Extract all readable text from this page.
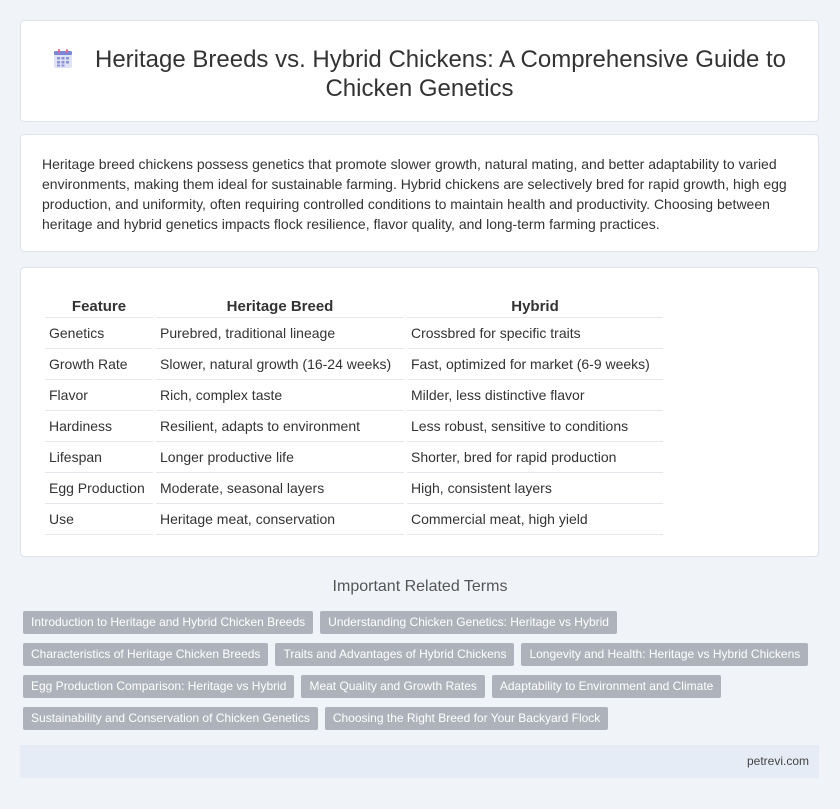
Heritage Breeds vs. Hybrid Chickens: A Comprehensive Guide to Chicken Genetics

Heritage breed chickens possess genetics that promote slower growth, natural mating, and better adaptability to varied environments, making them ideal for sustainable farming. Hybrid chickens are selectively bred for rapid growth, high egg production, and uniformity, often requiring controlled conditions to maintain health and productivity. Choosing between heritage and hybrid genetics impacts flock resilience, flavor quality, and long-term farming practices.

Feature	Heritage Breed	Hybrid
Genetics	Purebred, traditional lineage	Crossbred for specific traits
Growth Rate	Slower, natural growth (16-24 weeks)	Fast, optimized for market (6-9 weeks)
Flavor	Rich, complex taste	Milder, less distinctive flavor
Hardiness	Resilient, adapts to environment	Less robust, sensitive to conditions
Lifespan	Longer productive life	Shorter, bred for rapid production
Egg Production	Moderate, seasonal layers	High, consistent layers
Use	Heritage meat, conservation	Commercial meat, high yield
Important Related Terms
Introduction to Heritage and Hybrid Chicken Breeds	Understanding Chicken Genetics: Heritage vs Hybrid
Characteristics of Heritage Chicken Breeds	Traits and Advantages of Hybrid Chickens	Longevity and Health: Heritage vs Hybrid Chickens
Egg Production Comparison: Heritage vs Hybrid	Meat Quality and Growth Rates	Adaptability to Environment and Climate
Sustainability and Conservation of Chicken Genetics	Choosing the Right Breed for Your Backyard Flock
petrevi.com
